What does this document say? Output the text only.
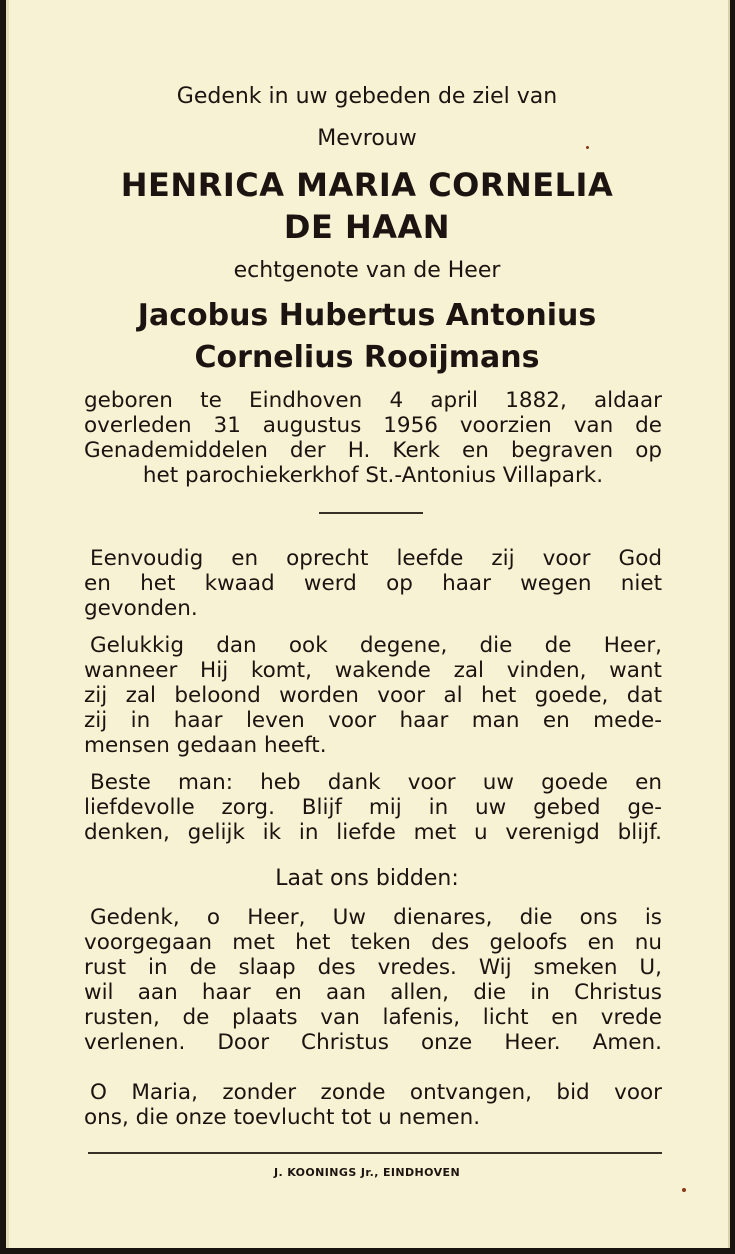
Gedenk in uw gebeden de ziel van
Mevrouw
HENRICA MARIA CORNELIA
DE HAAN
echtgenote van de Heer
Jacobus Hubertus Antonius
Cornelius Rooijmans
geboren te Eindhoven 4 april 1882, aldaar
overleden 31 augustus 1956 voorzien van de
Genademiddelen der H. Kerk en begraven op
het parochiekerkhof St.-Antonius Villapark.
Eenvoudig en oprecht leefde zij voor God
en het kwaad werd op haar wegen niet
gevonden.
Gelukkig dan ook degene, die de Heer,
wanneer Hij komt, wakende zal vinden, want
zij zal beloond worden voor al het goede, dat
zij in haar leven voor haar man en mede-
mensen gedaan heeft.
Beste man: heb dank voor uw goede en
liefdevolle zorg. Blijf mij in uw gebed ge-
denken, gelijk ik in liefde met u verenigd blijf.
Laat ons bidden:
Gedenk, o Heer, Uw dienares, die ons is
voorgegaan met het teken des geloofs en nu
rust in de slaap des vredes. Wij smeken U,
wil aan haar en aan allen, die in Christus
rusten, de plaats van lafenis, licht en vrede
verlenen. Door Christus onze Heer. Amen.
O Maria, zonder zonde ontvangen, bid voor
ons, die onze toevlucht tot u nemen.
J. KOONINGS Jr., EINDHOVEN
